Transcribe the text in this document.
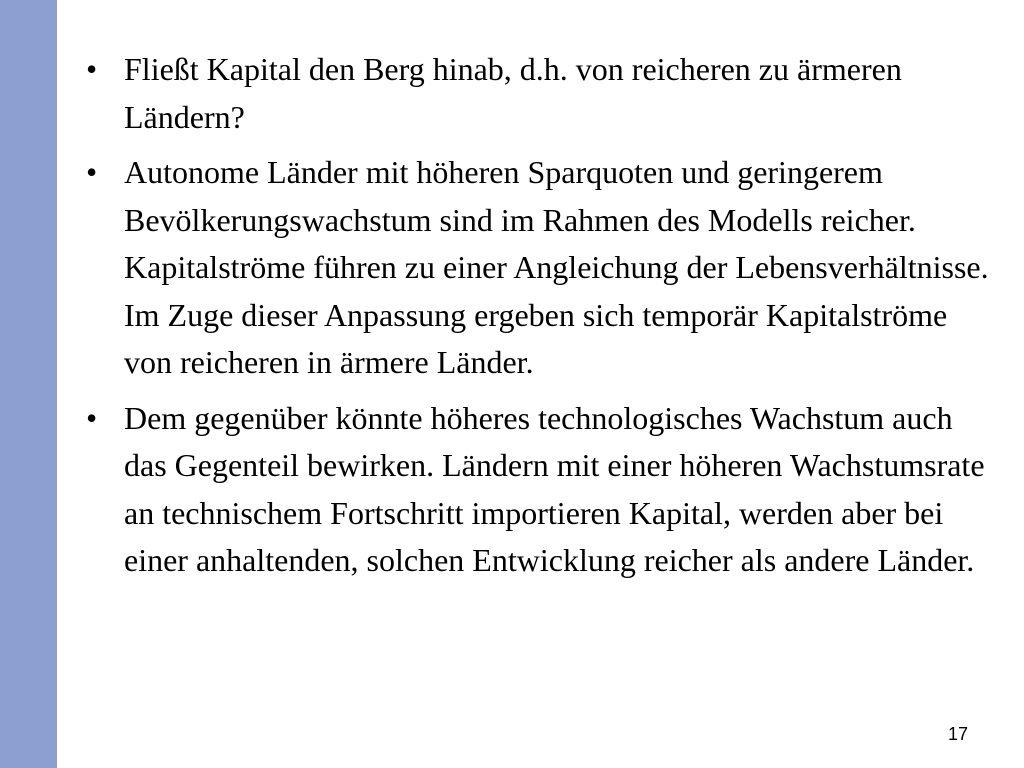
• Fließt Kapital den Berg hinab, d.h. von reicheren zu ärmeren Ländern?
• Autonome Länder mit höheren Sparquoten und geringerem Bevölkerungswachstum sind im Rahmen des Modells reicher. Kapitalströme führen zu einer Angleichung der Lebensverhältnisse. Im Zuge dieser Anpassung ergeben sich temporär Kapitalströme von reicheren in ärmere Länder.
• Dem gegenüber könnte höheres technologisches Wachstum auch das Gegenteil bewirken. Ländern mit einer höheren Wachstumsrate an technischem Fortschritt importieren Kapital, werden aber bei einer anhaltenden, solchen Entwicklung reicher als andere Länder.
17
